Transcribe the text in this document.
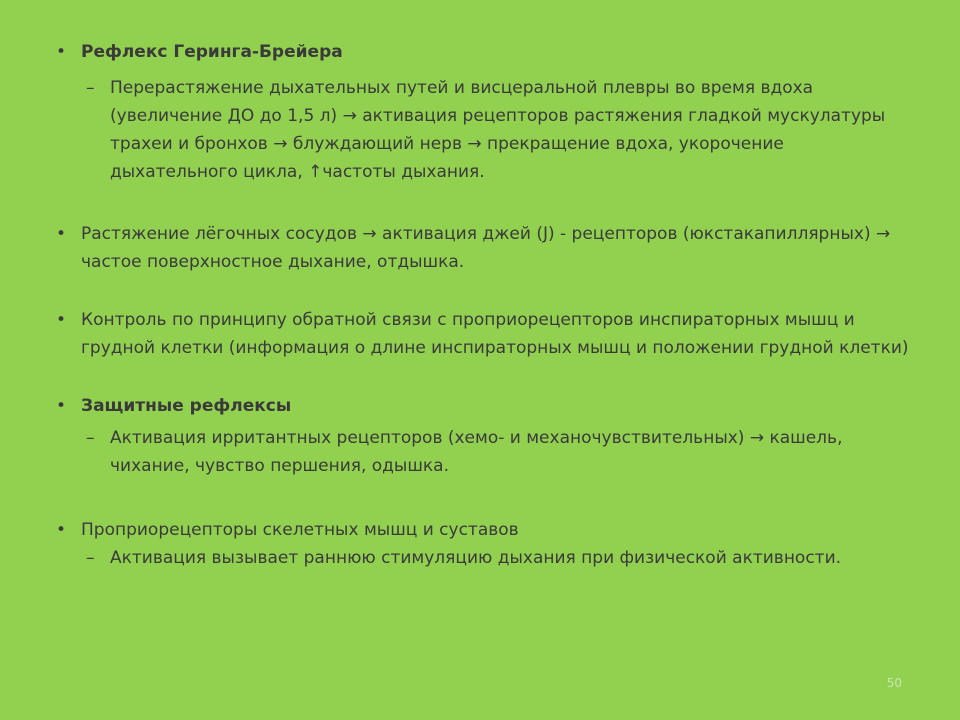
• Рефлекс Геринга-Брейера
– Перерастяжение дыхательных путей и висцеральной плевры во время вдоха (увеличение ДО до 1,5 л) → активация рецепторов растяжения гладкой мускулатуры трахеи и бронхов → блуждающий нерв → прекращение вдоха, укорочение дыхательного цикла, ↑частоты дыхания.
• Растяжение лёгочных сосудов → активация джей (J) - рецепторов (юкстакапиллярных) → частое поверхностное дыхание, отдышка.
• Контроль по принципу обратной связи с проприорецепторов инспираторных мышц и грудной клетки (информация о длине инспираторных мышц и положении грудной клетки)
• Защитные рефлексы
– Активация ирритантных рецепторов (хемо- и механочувствительных) → кашель, чихание, чувство першения, одышка.
• Проприорецепторы скелетных мышц и суставов
– Активация вызывает раннюю стимуляцию дыхания при физической активности.
50
